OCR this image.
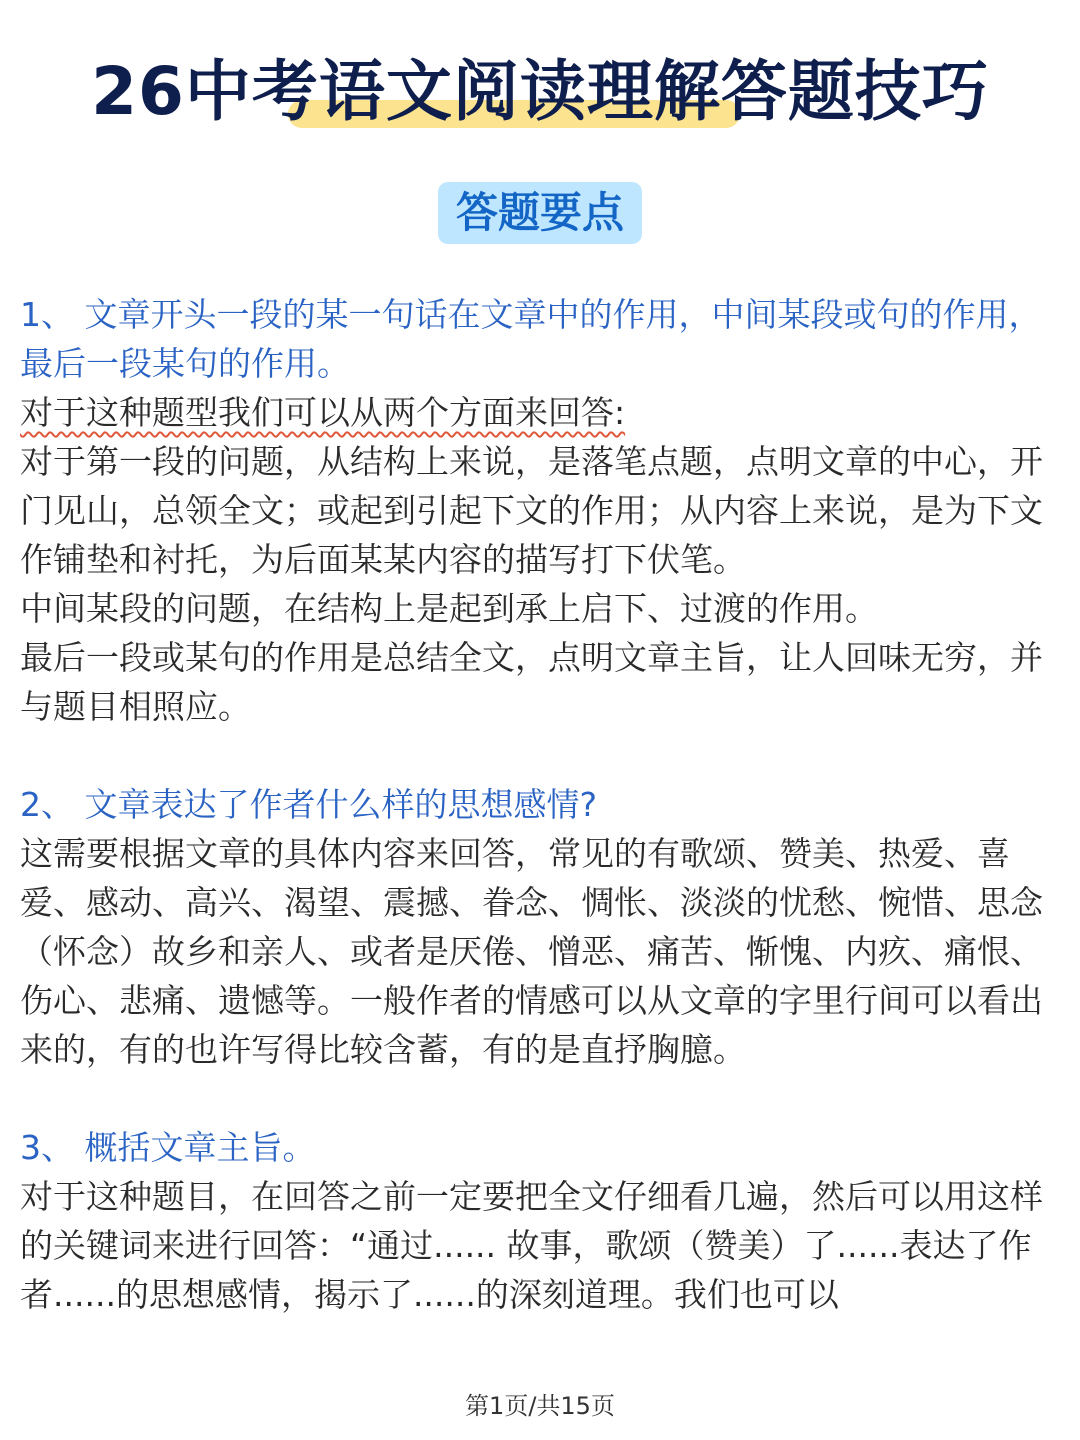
26中考语文阅读理解答题技巧
答题要点

1、 文章开头一段的某一句话在文章中的作用，中间某段或句的作用，最后一段某句的作用。

对于这种题型我们可以从两个方面来回答:

对于第一段的问题，从结构上来说，是落笔点题，点明文章的中心，开门见山，总领全文；或起到引起下文的作用；从内容上来说，是为下文作铺垫和衬托，为后面某某内容的描写打下伏笔。

中间某段的问题，在结构上是起到承上启下、过渡的作用。

最后一段或某句的作用是总结全文，点明文章主旨，让人回味无穷，并与题目相照应。

2、 文章表达了作者什么样的思想感情?

这需要根据文章的具体内容来回答，常见的有歌颂、赞美、热爱、喜爱、感动、高兴、渴望、震撼、眷念、惆怅、淡淡的忧愁、惋惜、思念（怀念）故乡和亲人、或者是厌倦、憎恶、痛苦、惭愧、内疚、痛恨、伤心、悲痛、遗憾等。一般作者的情感可以从文章的字里行间可以看出来的，有的也许写得比较含蓄，有的是直抒胸臆。

3、 概括文章主旨。

对于这种题目，在回答之前一定要把全文仔细看几遍，然后可以用这样的关键词来进行回答：“通过...... 故事，歌颂（赞美）了......表达了作者......的思想感情，揭示了......的深刻道理。我们也可以

第1页/共15页
